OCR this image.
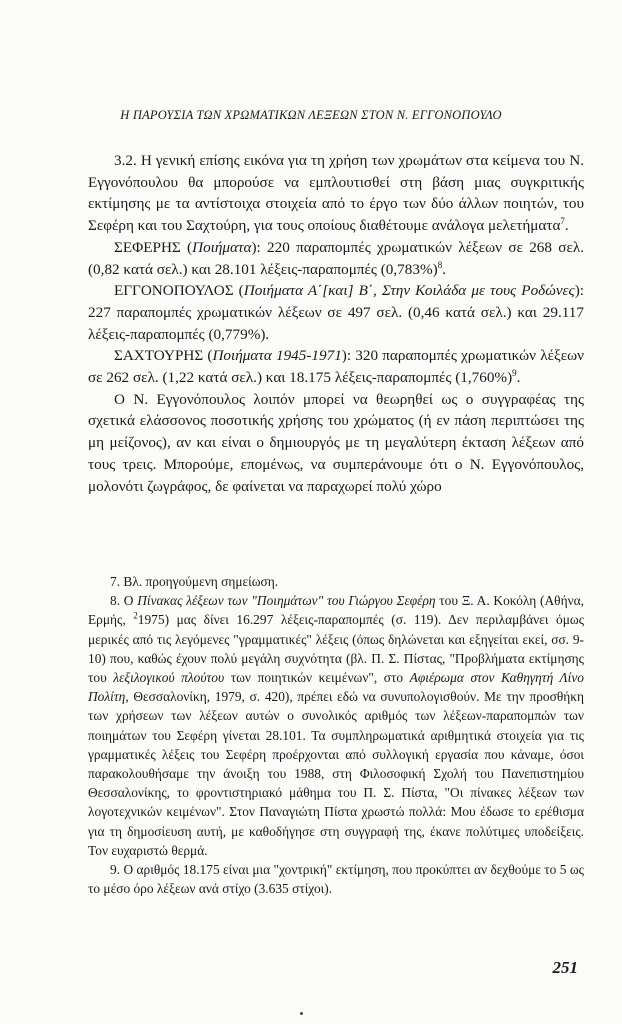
Η ΠΑΡΟΥΣΙΑ ΤΩΝ ΧΡΩΜΑΤΙΚΩΝ ΛΕΞΕΩΝ ΣΤΟΝ Ν. ΕΓΓΟΝΟΠΟΥΛΟ

3.2. Η γενική επίσης εικόνα για τη χρήση των χρωμάτων στα κείμενα του Ν. Εγγονόπουλου θα μπορούσε να εμπλουτισθεί στη βάση μιας συγκριτικής εκτίμησης με τα αντίστοιχα στοιχεία από το έργο των δύο άλλων ποιητών, του Σεφέρη και του Σαχτούρη, για τους οποίους διαθέτουμε ανάλογα μελετήματα$^7$.

ΣΕΦΕΡΗΣ (Ποιήματα): 220 παραπομπές χρωματικών λέξεων σε 268 σελ. (0,82 κατά σελ.) και 28.101 λέξεις-παραπομπές $(0,783\%)^8$.

ΕΓΓΟΝΟΠΟΥΛΟΣ (Ποιήματα Α΄[και] Β΄, Στην Κοιλάδα με τους Ροδώνες): 227 παραπομπές χρωματικών λέξεων σε 497 σελ. (0,46 κατά σελ.) και 29.117 λέξεις-παραπομπές (0,779%).

ΣΑΧΤΟΥΡΗΣ (Ποιήματα 1945-1971): 320 παραπομπές χρωματικών λέξεων σε 262 σελ. (1,22 κατά σελ.) και 18.175 λέξεις-παραπομπές $(1,760\%)^9$.

Ο Ν. Εγγονόπουλος λοιπόν μπορεί να θεωρηθεί ως ο συγγραφέας της σχετικά ελάσσονος ποσοτικής χρήσης του χρώματος (ή εν πάση περιπτώσει της μη μείζονος), αν και είναι ο δημιουργός με τη μεγαλύτερη έκταση λέξεων από τους τρεις. Μπορούμε, επομένως, να συμπεράνουμε ότι ο Ν. Εγγονόπουλος, μολονότι ζωγράφος, δε φαίνεται να παραχωρεί πολύ χώρο

7. Βλ. προηγούμενη σημείωση.

8. Ο Πίνακας λέξεων των "Ποιημάτων" του Γιώργου Σεφέρη του Ξ. Α. Κοκόλη (Αθήνα, Ερμής, $^2$1975) μας δίνει 16.297 λέξεις-παραπομπές (σ. 119). Δεν περιλαμβάνει όμως μερικές από τις λεγόμενες "γραμματικές" λέξεις (όπως δηλώνεται και εξηγείται εκεί, σσ. 9-10) που, καθώς έχουν πολύ μεγάλη συχνότητα (βλ. Π. Σ. Πίστας, "Προβλήματα εκτίμησης του λεξιλογικού πλούτου των ποιητικών κειμένων", στο Αφιέρωμα στον Καθηγητή Λίνο Πολίτη, Θεσσαλονίκη, 1979, σ. 420), πρέπει εδώ να συνυπολογισθούν. Με την προσθήκη των χρήσεων των λέξεων αυτών ο συνολικός αριθμός των λέξεων-παραπομπών των ποιημάτων του Σεφέρη γίνεται 28.101. Τα συμπληρωματικά αριθμητικά στοιχεία για τις γραμματικές λέξεις του Σεφέρη προέρχονται από συλλογική εργασία που κάναμε, όσοι παρακολουθήσαμε την άνοιξη του 1988, στη Φιλοσοφική Σχολή του Πανεπιστημίου Θεσσαλονίκης, το φροντιστηριακό μάθημα του Π. Σ. Πίστα, "Οι πίνακες λέξεων των λογοτεχνικών κειμένων". Στον Παναγιώτη Πίστα χρωστώ πολλά: Μου έδωσε το ερέθισμα για τη δημοσίευση αυτή, με καθοδήγησε στη συγγραφή της, έκανε πολύτιμες υποδείξεις. Τον ευχαριστώ θερμά.

9. Ο αριθμός 18.175 είναι μια "χοντρική" εκτίμηση, που προκύπτει αν δεχθούμε το 5 ως το μέσο όρο λέξεων ανά στίχο (3.635 στίχοι).

251
